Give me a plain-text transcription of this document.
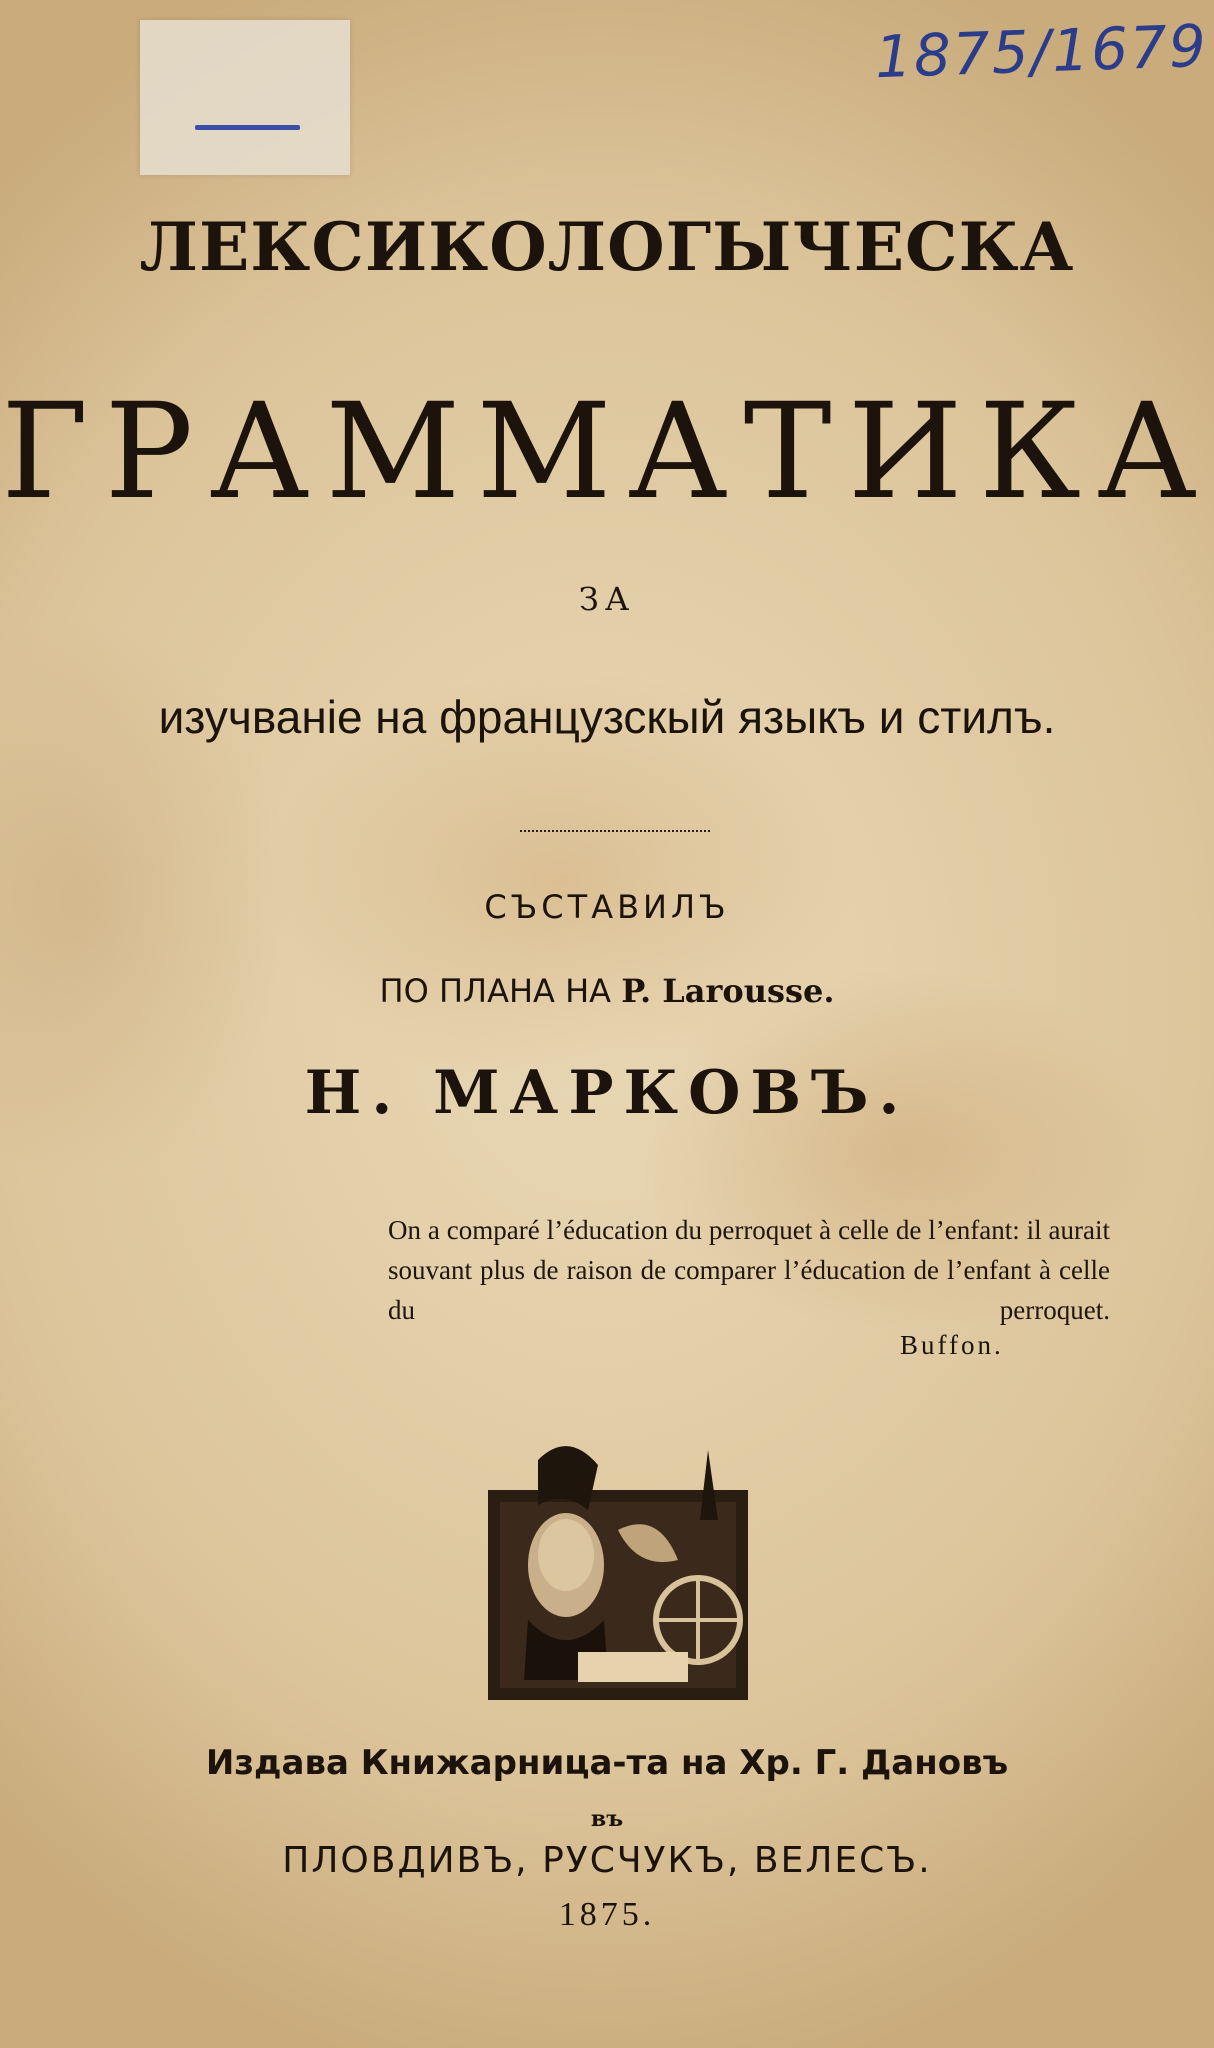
1875/1679
ЛЕКСИКОЛОГЫЧЕСКА
ГРАММАТИКА
ЗА
изучваніе на французскый языкъ и стилъ.
СЪСТАВИЛЪ
ПО ПЛАНА НА P. Larousse.
Н. МАРКОВЪ.
On a comparé l’éducation du perroquet à celle de l’enfant: il aurait souvant plus de raison de comparer l’éducation de l’enfant à celle du perroquet.
Buffon.
Издава Книжарница-та на Хр. Г. Дановъ
въ
ПЛОВДИВЪ, РУСЧУКЪ, ВЕЛЕСЪ.
1875.
